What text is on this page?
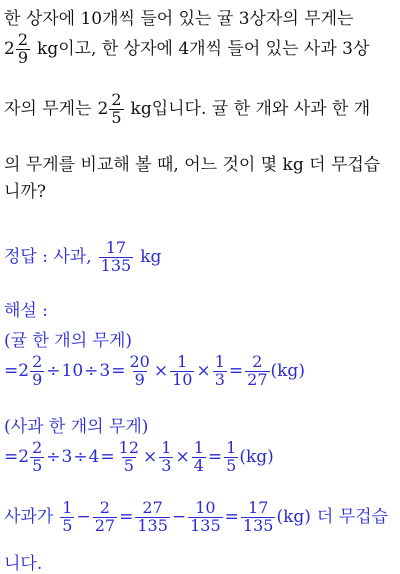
한 상자에 10개씩 들어 있는 귤 3상자의 무게는
$2 \frac{2}{9}$ kg이고, 한 상자에 4개씩 들어 있는 사과 3상
자의 무게는 $2 \frac{2}{5}$ kg입니다. 귤 한 개와 사과 한 개
의 무게를 비교해 볼 때, 어느 것이 몇 kg 더 무겁습
니까?
정답 : 사과, $\frac{17}{135}$ kg
해설 :
(귤 한 개의 무게)
$=2 \frac{2}{9} \div 10\div 3= \frac{20}{9} \times \frac{1}{10} \times \frac{1}{3} = \frac{2}{27} (kg)$
(사과 한 개의 무게)
$=2 \frac{2}{5} \div 3\div 4= \frac{12}{5} \times \frac{1}{3} \times \frac{1}{4} = \frac{1}{5} (kg)$
사과가 $\frac{1}{5} - \frac{2}{27} = \frac{27}{135} - \frac{10}{135} = \frac{17}{135} (kg)$ 더 무겁습
니다.
